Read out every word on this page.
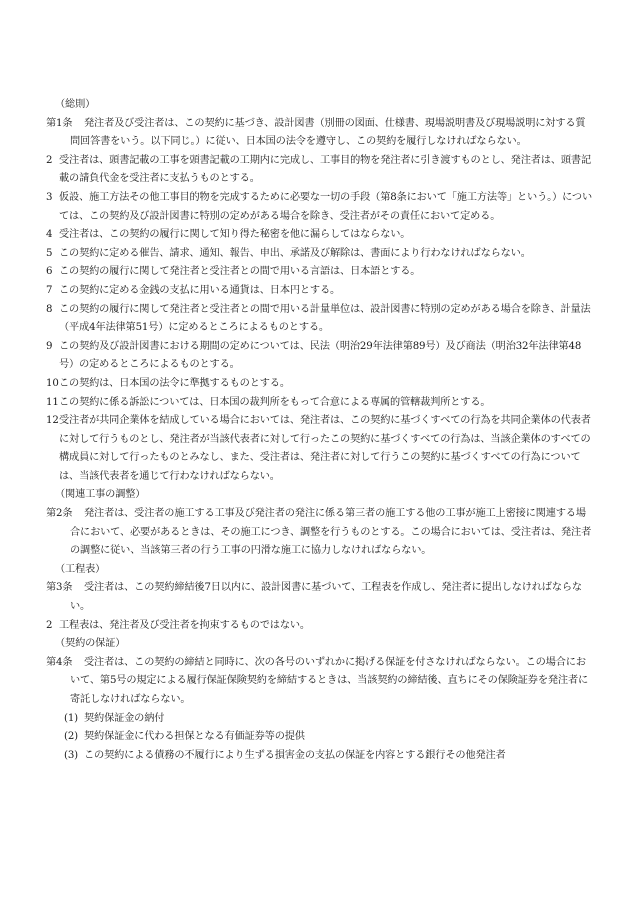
（総則）
第1条 発注者及び受注者は、この契約に基づき、設計図書（別冊の図面、仕様書、現場説明書及び現場説明に対する質問回答書をいう。以下同じ。）に従い、日本国の法令を遵守し、この契約を履行しなければならない。
2 受注者は、頭書記載の工事を頭書記載の工期内に完成し、工事目的物を発注者に引き渡すものとし、発注者は、頭書記載の請負代金を受注者に支払うものとする。
3 仮設、施工方法その他工事目的物を完成するために必要な一切の手段（第8条において「施工方法等」という。）については、この契約及び設計図書に特別の定めがある場合を除き、受注者がその責任において定める。
4 受注者は、この契約の履行に関して知り得た秘密を他に漏らしてはならない。
5 この契約に定める催告、請求、通知、報告、申出、承諾及び解除は、書面により行わなければならない。
6 この契約の履行に関して発注者と受注者との間で用いる言語は、日本語とする。
7 この契約に定める金銭の支払に用いる通貨は、日本円とする。
8 この契約の履行に関して発注者と受注者との間で用いる計量単位は、設計図書に特別の定めがある場合を除き、計量法（平成4年法律第51号）に定めるところによるものとする。
9 この契約及び設計図書における期間の定めについては、民法（明治29年法律第89号）及び商法（明治32年法律第48号）の定めるところによるものとする。
10この契約は、日本国の法令に準拠するものとする。
11この契約に係る訴訟については、日本国の裁判所をもって合意による専属的管轄裁判所とする。
12受注者が共同企業体を結成している場合においては、発注者は、この契約に基づくすべての行為を共同企業体の代表者に対して行うものとし、発注者が当該代表者に対して行ったこの契約に基づくすべての行為は、当該企業体のすべての構成員に対して行ったものとみなし、また、受注者は、発注者に対して行うこの契約に基づくすべての行為については、当該代表者を通じて行わなければならない。
（関連工事の調整）
第2条 発注者は、受注者の施工する工事及び発注者の発注に係る第三者の施工する他の工事が施工上密接に関連する場合において、必要があるときは、その施工につき、調整を行うものとする。この場合においては、受注者は、発注者の調整に従い、当該第三者の行う工事の円滑な施工に協力しなければならない。
（工程表）
第3条 受注者は、この契約締結後7日以内に、設計図書に基づいて、工程表を作成し、発注者に提出しなければならない。
2 工程表は、発注者及び受注者を拘束するものではない。
（契約の保証）
第4条 受注者は、この契約の締結と同時に、次の各号のいずれかに掲げる保証を付さなければならない。この場合において、第5号の規定による履行保証保険契約を締結するときは、当該契約の締結後、直ちにその保険証券を発注者に寄託しなければならない。
(1) 契約保証金の納付
(2) 契約保証金に代わる担保となる有価証券等の提供
(3) この契約による債務の不履行により生ずる損害金の支払の保証を内容とする銀行その他発注者
